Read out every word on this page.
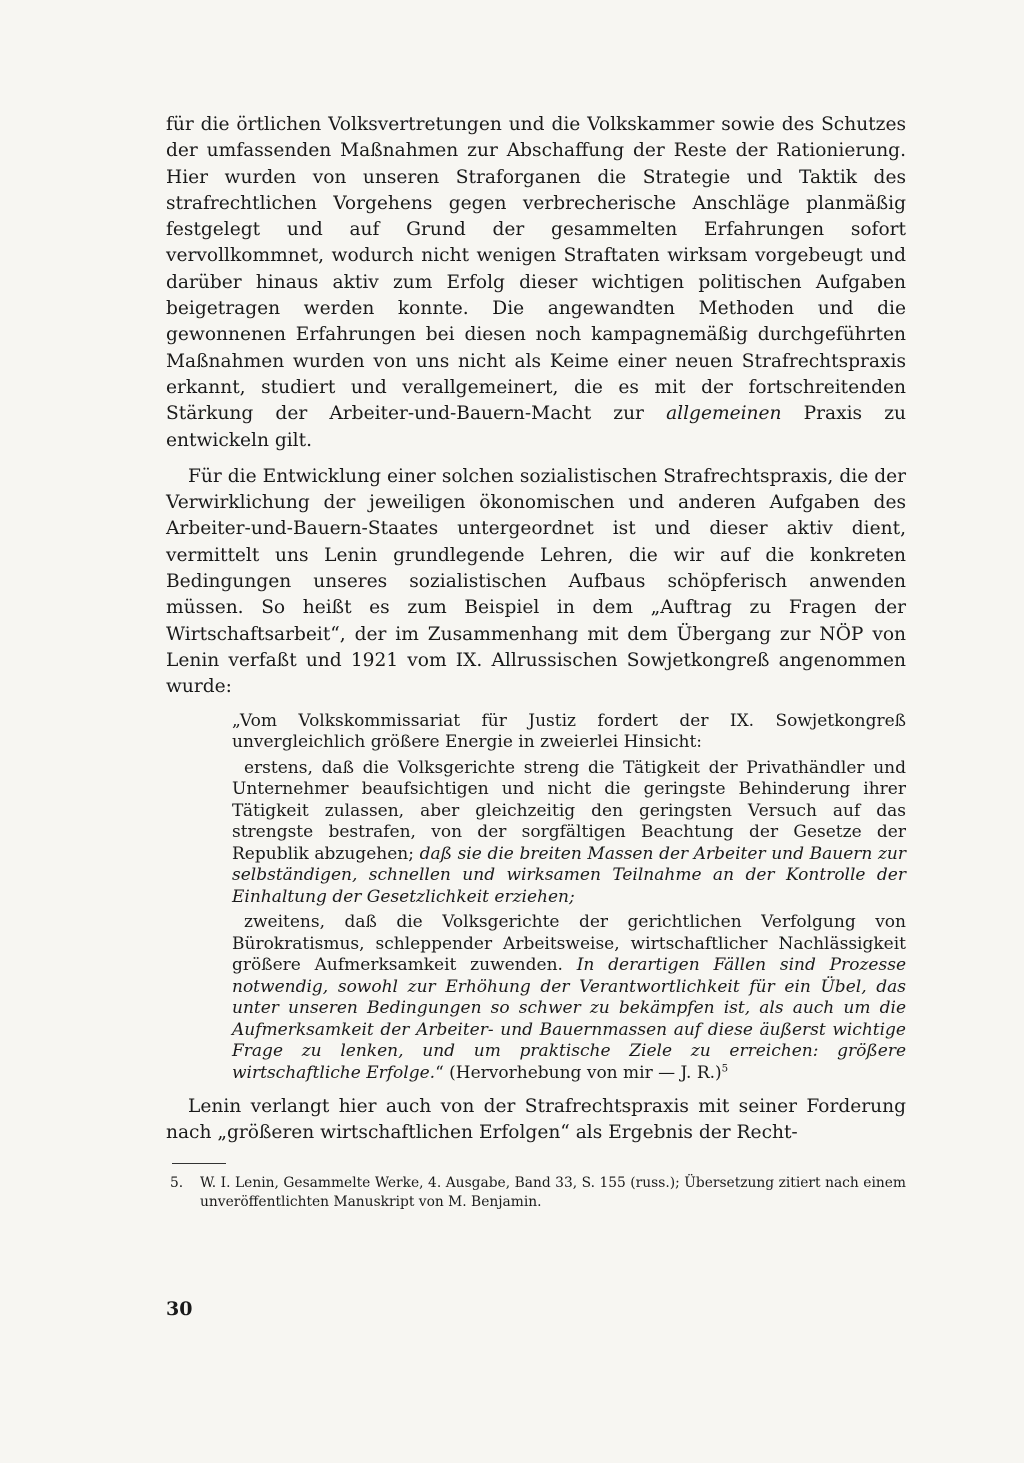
für die örtlichen Volksvertretungen und die Volkskammer sowie des Schutzes der umfassenden Maßnahmen zur Abschaffung der Reste der Rationierung. Hier wurden von unseren Straforganen die Strategie und Taktik des strafrechtlichen Vorgehens gegen verbrecherische Anschläge planmäßig festgelegt und auf Grund der gesammelten Erfahrungen sofort vervollkommnet, wodurch nicht wenigen Straftaten wirksam vorgebeugt und darüber hinaus aktiv zum Erfolg dieser wichtigen politischen Aufgaben beigetragen werden konnte. Die angewandten Methoden und die gewonnenen Erfahrungen bei diesen noch kampagnemäßig durchgeführten Maßnahmen wurden von uns nicht als Keime einer neuen Strafrechtspraxis erkannt, studiert und verallgemeinert, die es mit der fortschreitenden Stärkung der Arbeiter-und-Bauern-Macht zur allgemeinen Praxis zu entwickeln gilt.

Für die Entwicklung einer solchen sozialistischen Strafrechtspraxis, die der Verwirklichung der jeweiligen ökonomischen und anderen Aufgaben des Arbeiter-und-Bauern-Staates untergeordnet ist und dieser aktiv dient, vermittelt uns Lenin grundlegende Lehren, die wir auf die konkreten Bedingungen unseres sozialistischen Aufbaus schöpferisch anwenden müssen. So heißt es zum Beispiel in dem „Auftrag zu Fragen der Wirtschaftsarbeit“, der im Zusammenhang mit dem Übergang zur NÖP von Lenin verfaßt und 1921 vom IX. Allrussischen Sowjetkongreß angenommen wurde:

„Vom Volkskommissariat für Justiz fordert der IX. Sowjetkongreß unvergleichlich größere Energie in zweierlei Hinsicht:

erstens, daß die Volksgerichte streng die Tätigkeit der Privathändler und Unternehmer beaufsichtigen und nicht die geringste Behinderung ihrer Tätigkeit zulassen, aber gleichzeitig den geringsten Versuch auf das strengste bestrafen, von der sorgfältigen Beachtung der Gesetze der Republik abzugehen; daß sie die breiten Massen der Arbeiter und Bauern zur selbständigen, schnellen und wirksamen Teilnahme an der Kontrolle der Einhaltung der Gesetzlichkeit erziehen;

zweitens, daß die Volksgerichte der gerichtlichen Verfolgung von Bürokratismus, schleppender Arbeitsweise, wirtschaftlicher Nachlässigkeit größere Aufmerksamkeit zuwenden. In derartigen Fällen sind Prozesse notwendig, sowohl zur Erhöhung der Verantwortlichkeit für ein Übel, das unter unseren Bedingungen so schwer zu bekämpfen ist, als auch um die Aufmerksamkeit der Arbeiter- und Bauernmassen auf diese äußerst wichtige Frage zu lenken, und um praktische Ziele zu erreichen: größere wirtschaftliche Erfolge.“ (Hervorhebung von mir — J. R.)$^5$

Lenin verlangt hier auch von der Strafrechtspraxis mit seiner Forderung nach „größeren wirtschaftlichen Erfolgen“ als Ergebnis der Recht-

5. W. I. Lenin, Gesammelte Werke, 4. Ausgabe, Band 33, S. 155 (russ.); Übersetzung zitiert nach einem unveröffentlichten Manuskript von M. Benjamin.

30
